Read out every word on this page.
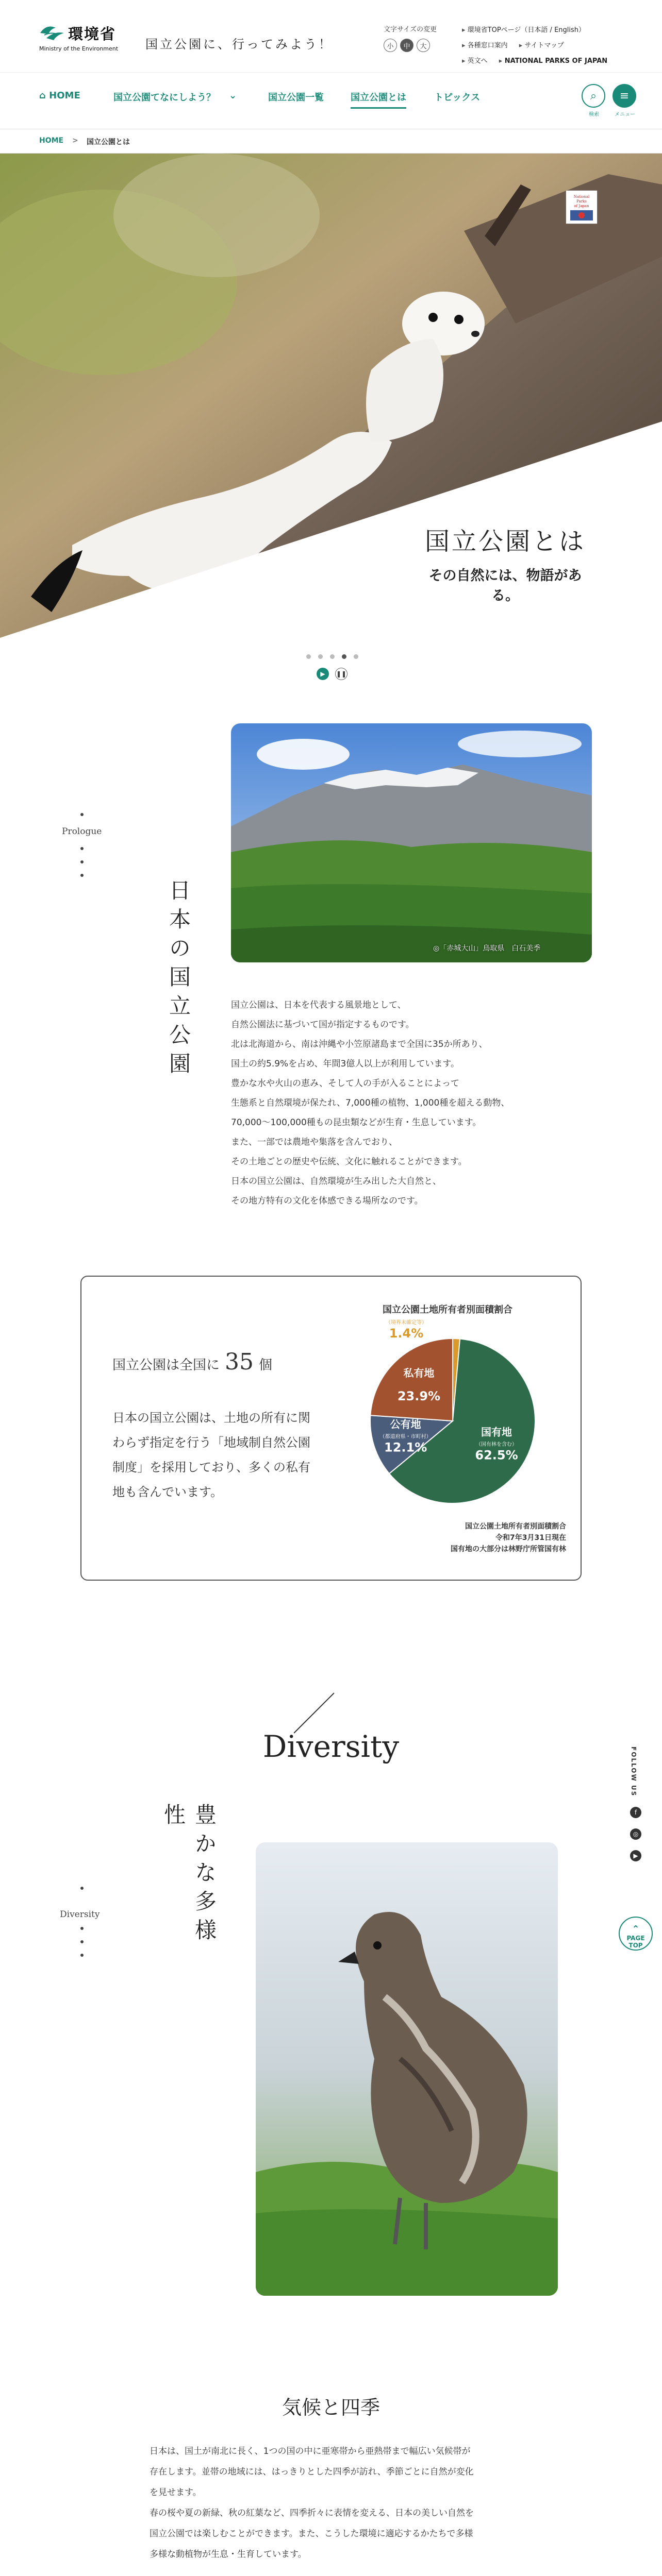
環境省
Ministry of the Environment 国立公園に、行ってみよう！
文字サイズの変更
小	中	大
▸ 環境省TOPページ（日本語 / English）
▸ 各種窓口案内	▸ サイトマップ
▸ 英文へ	▸ NATIONAL PARKS OF JAPAN
⌂ HOME	国立公園てなにしよう？ ⌄	国立公園一覧	国立公園とは	トピックス	⌕
検索
≡
メニュー
HOME > 国立公園とは
National
Parks
of Japan
国立公園とは
その自然には、物語がある。
▶	❚❚
Prologue
日本の国立公園	◎「赤城大山」鳥取県　白石美季
国立公園は、日本を代表する風景地として、
自然公園法に基づいて国が指定するものです。
北は北海道から、南は沖縄や小笠原諸島まで全国に35か所あり、
国土の約5.9%を占め、年間3億人以上が利用しています。
豊かな水や火山の恵み、そして人の手が入ることによって
生態系と自然環境が保たれ、7,000種の植物、1,000種を超える動物、
70,000〜100,000種もの昆虫類などが生育・生息しています。
また、一部では農地や集落を含んでおり、
その土地ごとの歴史や伝統、文化に触れることができます。
日本の国立公園は、自然環境が生み出した大自然と、
その地方特有の文化を体感できる場所なのです。
国立公園は全国に 35 個
日本の国立公園は、土地の所有に関わらず指定を行う「地域制自然公園制度」を採用しており、多くの私有地も含んでいます。
国立公園土地所有者別面積割合
（境界未確定等）
1.4%
国有地
（国有林を含む）
62.5%
公有地
（都道府県・市町村）
12.1%
私有地
23.9%
国立公園土地所有者別面積割合
令和7年3月31日現在
国有地の大部分は林野庁所管国有林
Diversity	FOLLOW US
f
◎
▶
⌃
PAGE TOP
豊かな多様性
Diversity
気候と四季
日本は、国土が南北に長く、1つの国の中に亜寒帯から亜熱帯まで幅広い気候帯が
存在します。並帯の地域には、はっきりとした四季が訪れ、季節ごとに自然が変化
を見せます。
春の桜や夏の新緑、秋の紅葉など、四季折々に表情を変える、日本の美しい自然を
国立公園では楽しむことができます。また、こうした環境に適応するかたちで多様
多様な動植物が生息・生育しています。
